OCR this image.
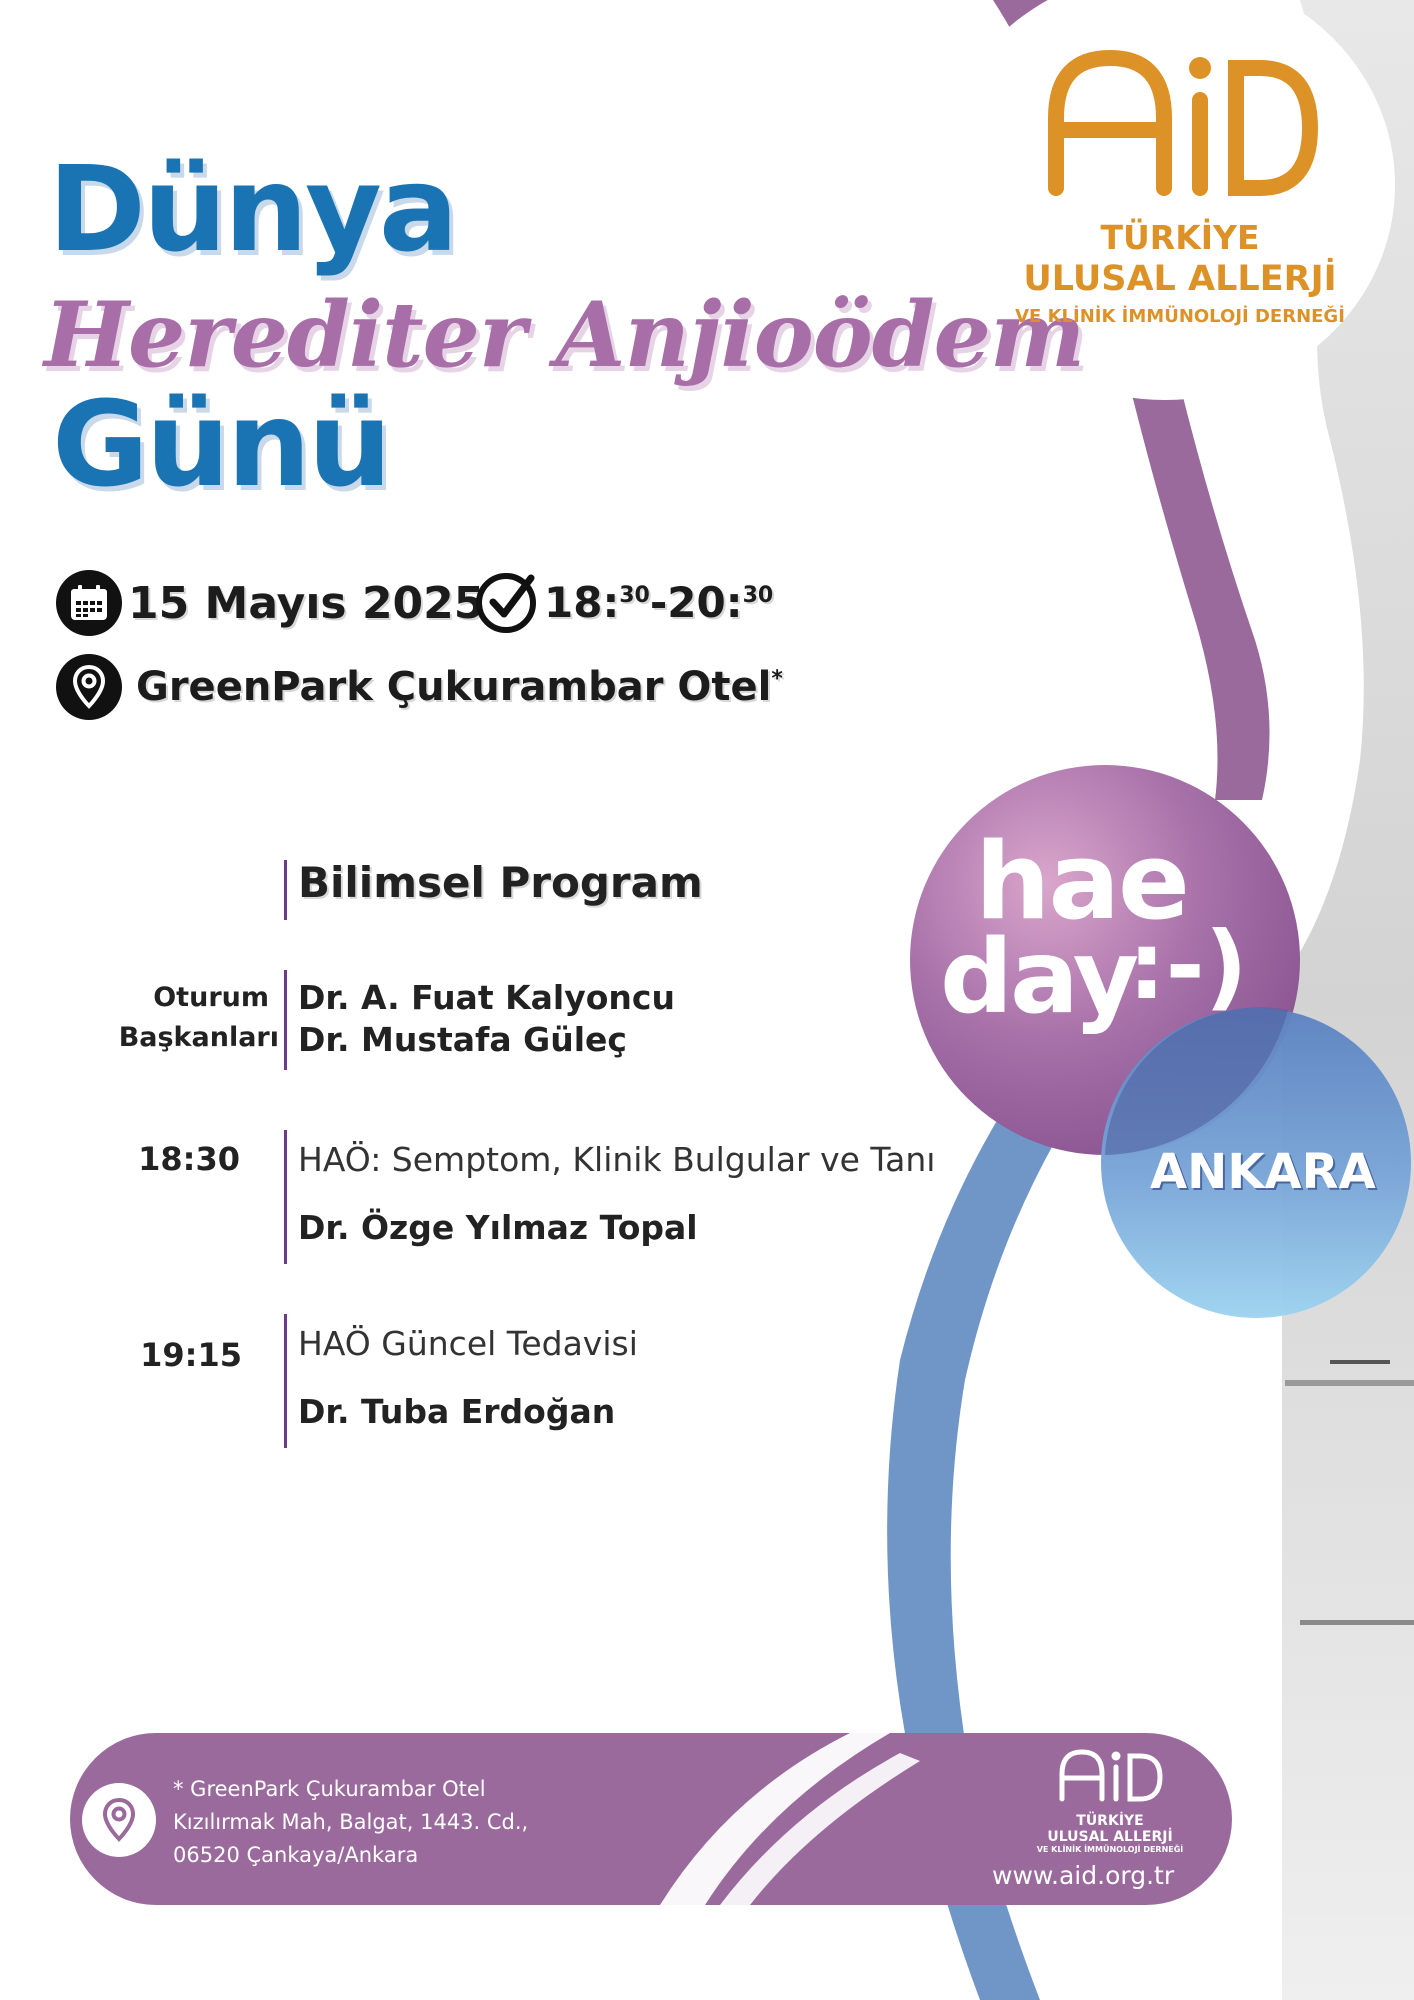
Dünya
Herediter Anjioödem
Günü
15 Mayıs 2025 18:$^{30}$-20:$^{30}$
GreenPark Çukurambar Otel*
TÜRKİYE
ULUSAL ALLERJİ
VE KLİNİK İMMÜNOLOJİ DERNEĞİ
hae
day
:-)
ANKARA
Bilimsel Program
Oturum
Başkanları
Dr. A. Fuat Kalyoncu
Dr. Mustafa Güleç
18:30 HAÖ: Semptom, Klinik Bulgular ve Tanı
Dr. Özge Yılmaz Topal
19:15 HAÖ Güncel Tedavisi
Dr. Tuba Erdoğan
* GreenPark Çukurambar Otel
Kızılırmak Mah, Balgat, 1443. Cd.,
06520 Çankaya/Ankara
TÜRKİYE
ULUSAL ALLERJİ
VE KLİNİK İMMÜNOLOJİ DERNEĞİ
www.aid.org.tr
